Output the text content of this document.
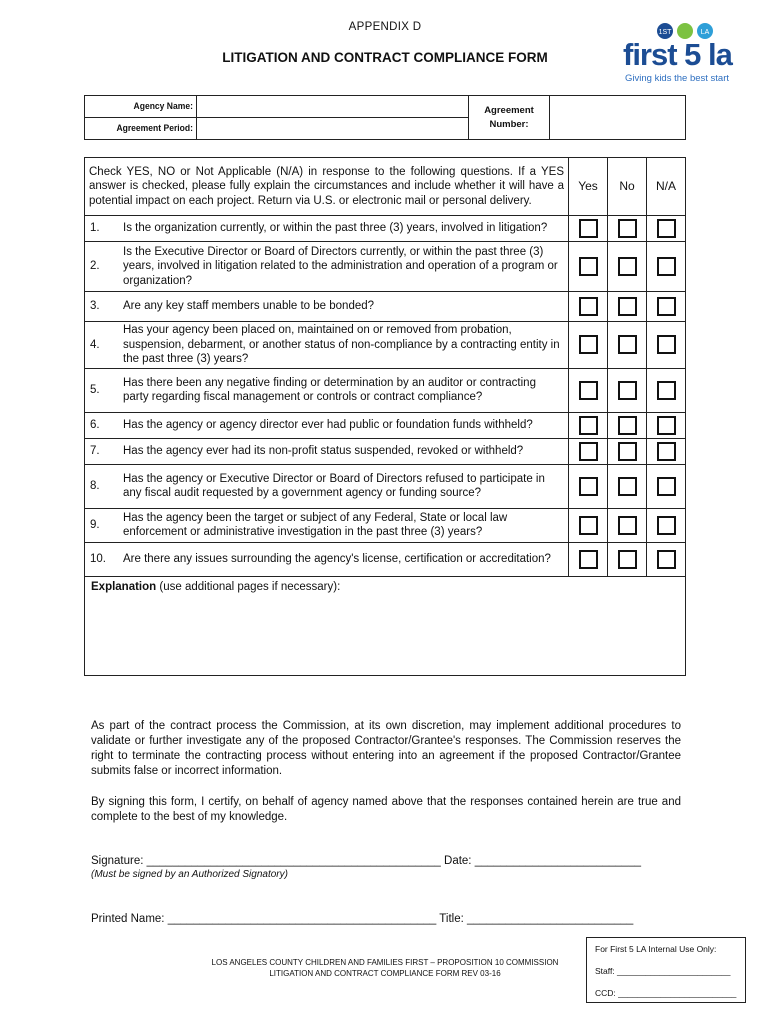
APPENDIX D
LITIGATION AND CONTRACT COMPLIANCE FORM
1ST	LA
first 5 la
Giving kids the best start
Agency Name:		Agreement
Number:	

Agreement Period:			
Check YES, NO or Not Applicable (N/A) in response to the following questions. If a YES answer is checked, please fully explain the circumstances and include whether it will have a potential impact on each project. Return via U.S. or electronic mail or personal delivery.		Yes	No	N/A
1.	Is the organization currently, or within the past three (3) years, involved in litigation?			
2.	Is the Executive Director or Board of Directors currently, or within the past three (3) years, involved in litigation related to the administration and operation of a program or organization?			
3.	Are any key staff members unable to be bonded?			
4.	Has your agency been placed on, maintained on or removed from probation, suspension, debarment, or another status of non-compliance by a contracting entity in the past three (3) years?			
5.	Has there been any negative finding or determination by an auditor or contracting party regarding fiscal management or controls or contract compliance?			
6.	Has the agency or agency director ever had public or foundation funds withheld?			
7.	Has the agency ever had its non-profit status suspended, revoked or withheld?			
8.	Has the agency or Executive Director or Board of Directors refused to participate in any fiscal audit requested by a government agency or funding source?			
9.	Has the agency been the target or subject of any Federal, State or local law enforcement or administrative investigation in the past three (3) years?			
10.	Are there any issues surrounding the agency's license, certification or accreditation?			
Explanation (use additional pages if necessary):				
As part of the contract process the Commission, at its own discretion, may implement additional procedures to validate or further investigate any of the proposed Contractor/Grantee's responses. The Commission reserves the right to terminate the contracting process without entering into an agreement if the proposed Contractor/Grantee submits false or incorrect information.
By signing this form, I certify, on behalf of agency named above that the responses contained herein are true and complete to the best of my knowledge.
Signature: ______________________________________________ Date: __________________________
(Must be signed by an Authorized Signatory)
Printed Name: __________________________________________ Title: __________________________
LOS ANGELES COUNTY CHILDREN AND FAMILIES FIRST – PROPOSITION 10 COMMISSION
LITIGATION AND CONTRACT COMPLIANCE FORM REV 03-16
For First 5 LA Internal Use Only:
Staff: ________________________
CCD: _________________________
